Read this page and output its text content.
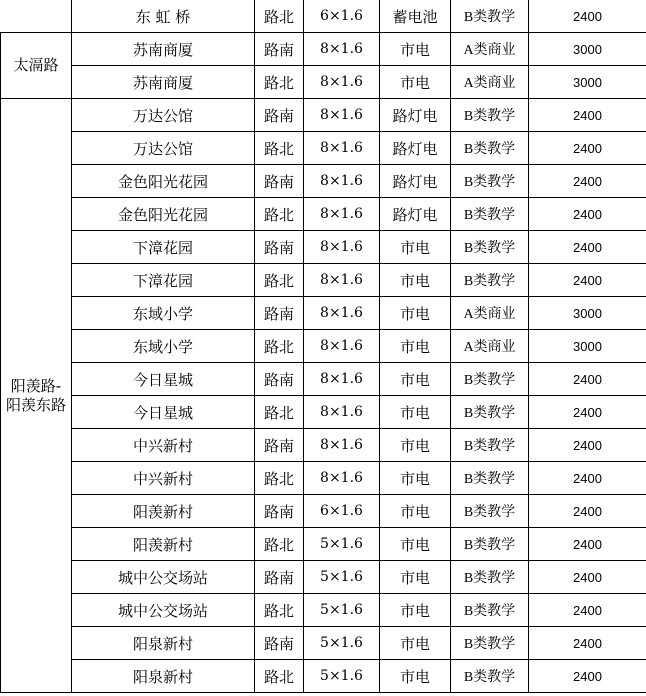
	东 虹 桥	路北	6×1.6	蓄电池	B类教学	2400

太滆路	苏南商厦	路南	8×1.6	市电	A类商业	3000
	苏南商厦	路北	8×1.6	市电	A类商业	3000

阳羡路-
阳羡东路	万达公馆	路南	8×1.6	路灯电	B类教学	2400
	万达公馆	路北	8×1.6	路灯电	B类教学	2400
	金色阳光花园	路南	8×1.6	路灯电	B类教学	2400
	金色阳光花园	路北	8×1.6	路灯电	B类教学	2400
	下漳花园	路南	8×1.6	市电	B类教学	2400
	下漳花园	路北	8×1.6	市电	B类教学	2400
	东域小学	路南	8×1.6	市电	A类商业	3000
	东域小学	路北	8×1.6	市电	A类商业	3000
	今日星城	路南	8×1.6	市电	B类教学	2400
	今日星城	路北	8×1.6	市电	B类教学	2400
	中兴新村	路南	8×1.6	市电	B类教学	2400
	中兴新村	路北	8×1.6	市电	B类教学	2400
	阳羡新村	路南	6×1.6	市电	B类教学	2400
	阳羡新村	路北	5×1.6	市电	B类教学	2400
	城中公交场站	路南	5×1.6	市电	B类教学	2400
	城中公交场站	路北	5×1.6	市电	B类教学	2400
	阳泉新村	路南	5×1.6	市电	B类教学	2400
	阳泉新村	路北	5×1.6	市电	B类教学	2400
